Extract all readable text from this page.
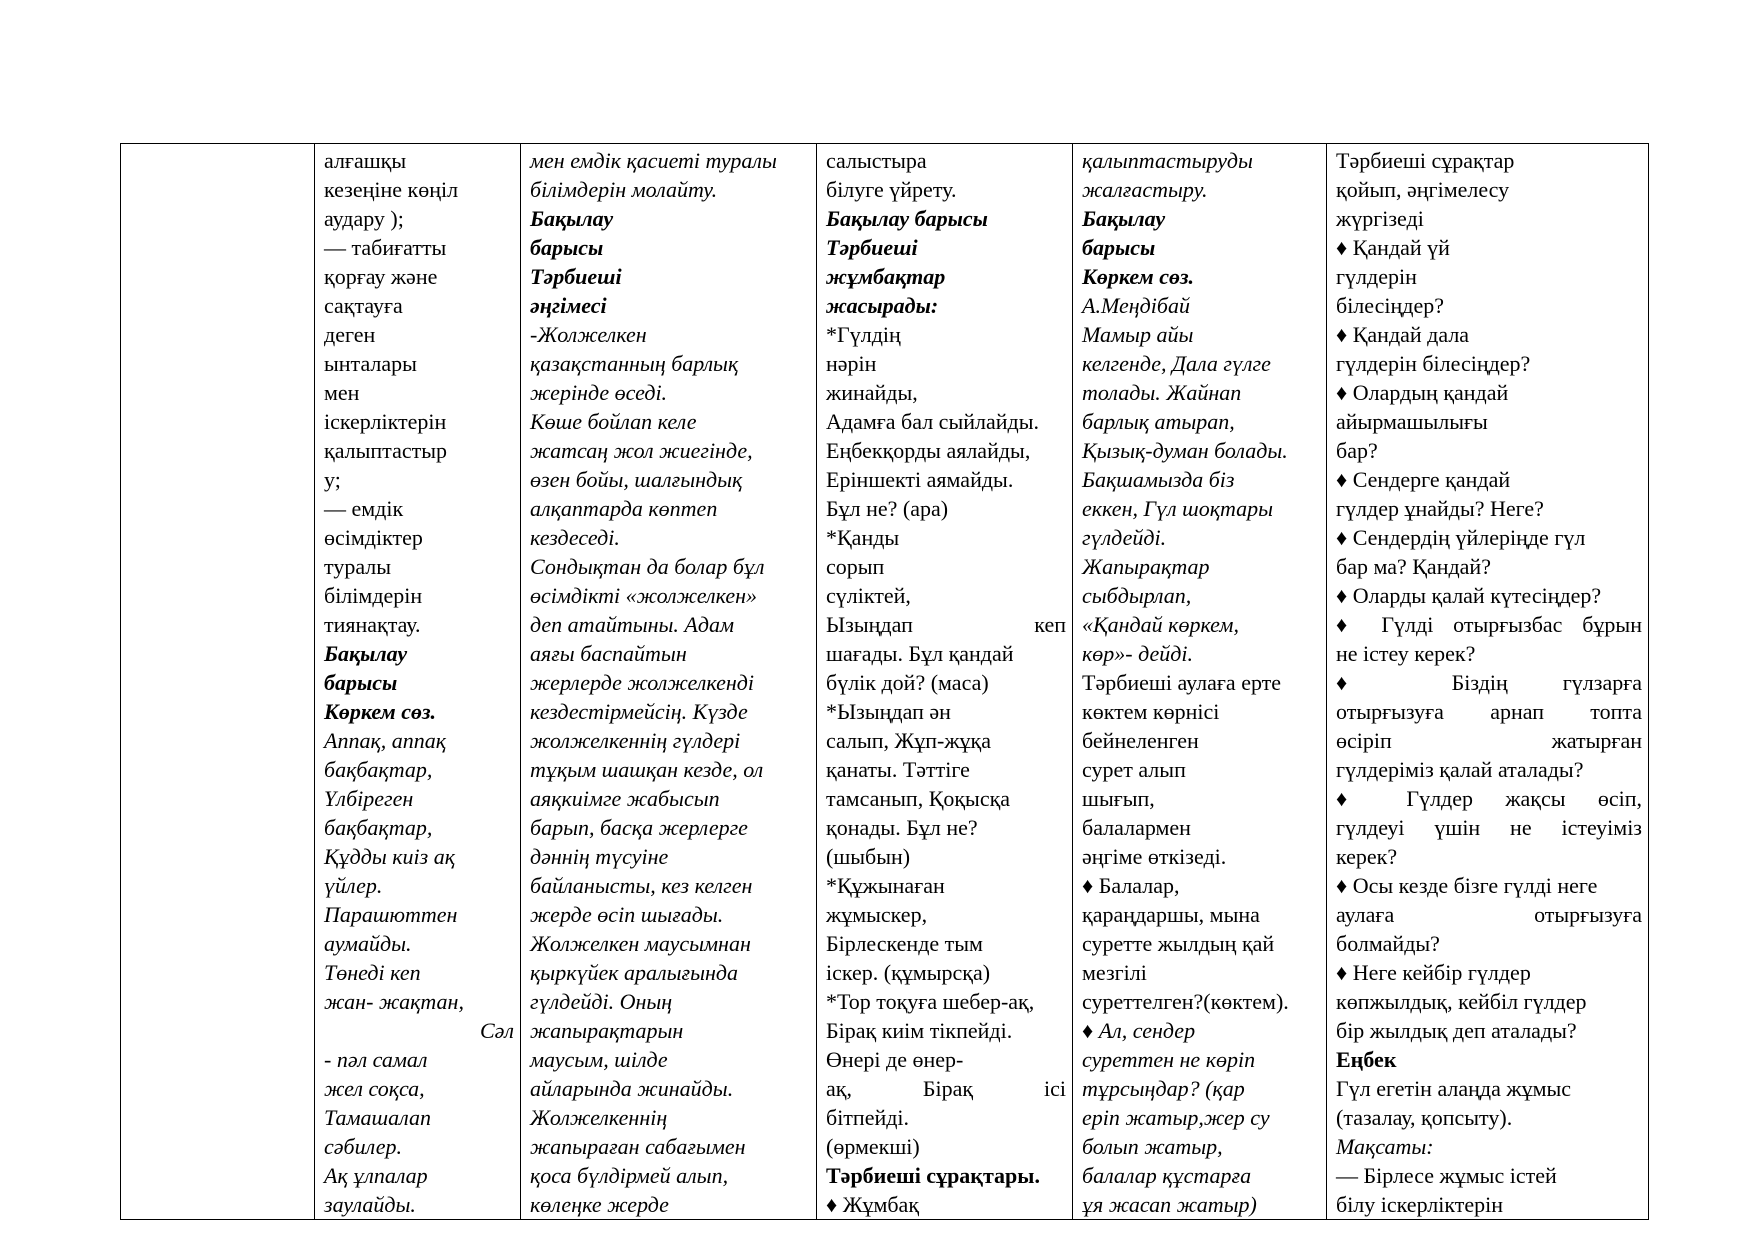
алғашқы
кезеңіне көңіл
аудару );
— табиғатты
қорғау және
сақтауға
деген
ынталары
мен
іскерліктерін
қалыптастыр
у;
— емдік
өсімдіктер
туралы
білімдерін
тиянақтау.
Бақылау
барысы
Көркем сөз.
Аппақ, аппақ
бақбақтар,
Үлбіреген
бақбақтар,
Құдды киіз ақ
үйлер.
Парашюттен
аумайды.
Төнеді кеп
жан- жақтан,
Сәл
- пәл самал
жел соқса,
Тамашалап
сәбилер.
Ақ ұлпалар
заулайды.

мен емдік қасиеті туралы
білімдерін молайту.
Бақылау
барысы
Тәрбиеші
әңгімесі
-Жолжелкен
қазақстанның барлық
жерінде өседі.
Көше бойлап келе
жатсаң жол жиегінде,
өзен бойы, шалғындық
алқаптарда көптеп
кездеседі.
Сондықтан да болар бұл
өсімдікті «жолжелкен»
деп атайтыны. Адам
аяғы баспайтын
жерлерде жолжелкенді
кездестірмейсің. Күзде
жолжелкеннің гүлдері
тұқым шашқан кезде, ол
аяқкиімге жабысып
барып, басқа жерлерге
дәннің түсуіне
байланысты, кез келген
жерде өсіп шығады.
Жолжелкен маусымнан
қыркүйек аралығында
гүлдейді. Оның
жапырақтарын
маусым, шілде
айларында жинайды.
Жолжелкеннің
жапыраған сабағымен
қоса бүлдірмей алып,
көлеңке жерде

салыстыра
білуге үйрету.
Бақылау барысы
Тәрбиеші
жұмбақтар
жасырады:
*Гүлдің
нәрін
жинайды,
Адамға бал сыйлайды.
Еңбекқорды аялайды,
Еріншекті аямайды.
Бұл не? (ара)
*Қанды
сорып
сүліктей,
Ызыңдап кеп
шағады. Бұл қандай
бүлік дой? (маса)
*Ызыңдап ән
салып, Жұп-жұқа
қанаты. Тәттіге
тамсанып, Қоқысқа
қонады. Бұл не?
(шыбын)
*Құжынаған
жұмыскер,
Бірлескенде тым
іскер. (құмырсқа)
*Тор тоқуға шебер-ақ,
Бірақ киім тікпейді.
Өнері де өнер-
ақ, Бірақ ісі
бітпейді.
(өрмекші)
Тәрбиеші сұрақтары.
♦ Жұмбақ

қалыптастыруды
жалғастыру.
Бақылау
барысы
Көркем сөз.
А.Меңдібай
Мамыр айы
келгенде, Дала гүлге
толады. Жайнап
барлық атырап,
Қызық-думан болады.
Бақшамызда біз
еккен, Гүл шоқтары
гүлдейді.
Жапырақтар
сыбдырлап,
«Қандай көркем,
көр»- дейді.
Тәрбиеші аулаға ерте
көктем көрнісі
бейнеленген
сурет алып
шығып,
балалармен
әңгіме өткізеді.
♦ Балалар,
қараңдаршы, мына
суретте жылдың қай
мезгілі
суреттелген?(көктем).
♦ Ал, сендер
суреттен не көріп
тұрсыңдар? (қар
еріп жатыр,жер су
болып жатыр,
балалар құстарға
ұя жасап жатыр)

Тәрбиеші сұрақтар
қойып, әңгімелесу
жүргізеді
♦ Қандай үй
гүлдерін
білесіңдер?
♦ Қандай дала
гүлдерін білесіңдер?
♦ Олардың қандай
айырмашылығы
бар?
♦ Сендерге қандай
гүлдер ұнайды? Неге?
♦ Сендердің үйлеріңде гүл
бар ма? Қандай?
♦ Оларды қалай күтесіңдер?
♦ Гүлді отырғызбас бұрын
не істеу керек?
♦ Біздің гүлзарға
отырғызуға арнап топта
өсіріп жатырған
гүлдеріміз қалай аталады?
♦ Гүлдер жақсы өсіп,
гүлдеуі үшін не істеуіміз
керек?
♦ Осы кезде бізге гүлді неге
аулаға отырғызуға
болмайды?
♦ Неге кейбір гүлдер
көпжылдық, кейбіл гүлдер
бір жылдық деп аталады?
Еңбек
Гүл егетін алаңда жұмыс
(тазалау, қопсыту).
Мақсаты:
— Бірлесе жұмыс істей
білу іскерліктерін
